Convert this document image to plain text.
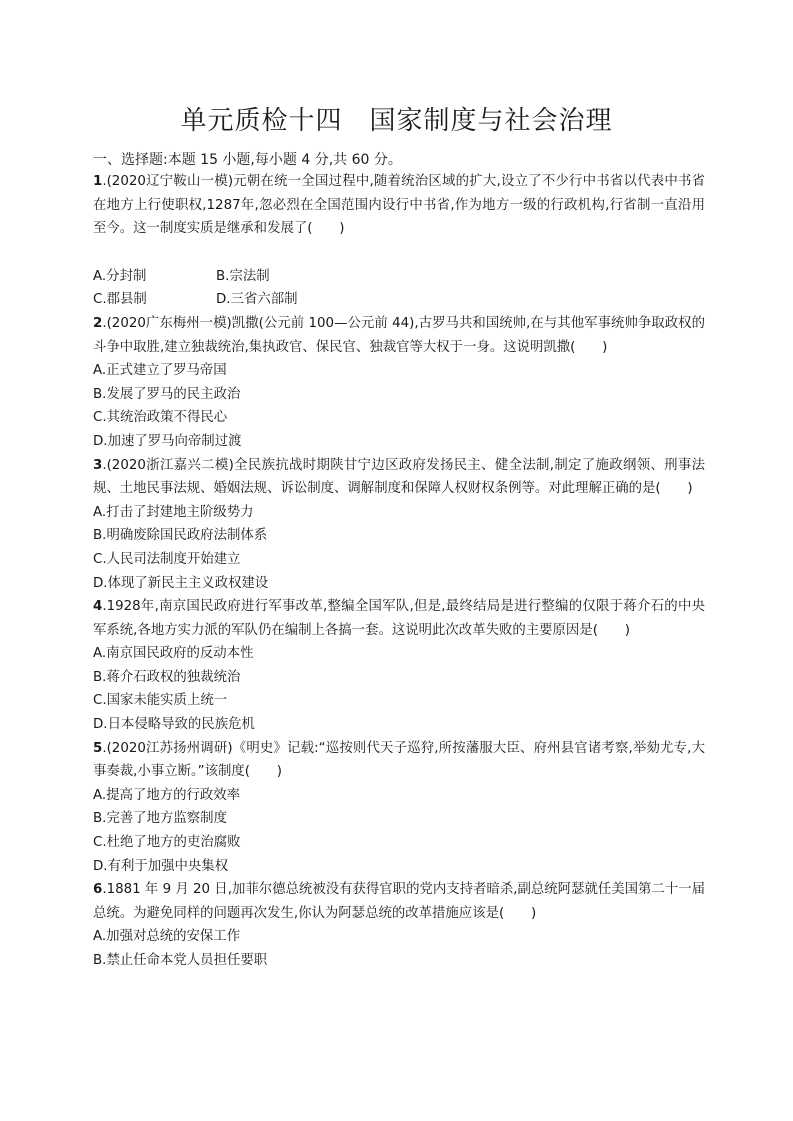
单元质检十四　国家制度与社会治理
一、选择题:本题 15 小题,每小题 4 分,共 60 分。
1.(2020辽宁鞍山一模)元朝在统一全国过程中,随着统治区域的扩大,设立了不少行中书省以代表中书省在地方上行使职权,1287年,忽必烈在全国范围内设行中书省,作为地方一级的行政机构,行省制一直沿用至今。这一制度实质是继承和发展了(　　)
A.分封制	B.宗法制
C.郡县制	D.三省六部制
2.(2020广东梅州一模)凯撒(公元前 100—公元前 44),古罗马共和国统帅,在与其他军事统帅争取政权的斗争中取胜,建立独裁统治,集执政官、保民官、独裁官等大权于一身。这说明凯撒(　　)
A.正式建立了罗马帝国
B.发展了罗马的民主政治
C.其统治政策不得民心
D.加速了罗马向帝制过渡
3.(2020浙江嘉兴二模)全民族抗战时期陕甘宁边区政府发扬民主、健全法制,制定了施政纲领、刑事法规、土地民事法规、婚姻法规、诉讼制度、调解制度和保障人权财权条例等。对此理解正确的是(　　)
A.打击了封建地主阶级势力
B.明确废除国民政府法制体系
C.人民司法制度开始建立
D.体现了新民主主义政权建设
4.1928年,南京国民政府进行军事改革,整编全国军队,但是,最终结局是进行整编的仅限于蒋介石的中央军系统,各地方实力派的军队仍在编制上各搞一套。这说明此次改革失败的主要原因是(　　)
A.南京国民政府的反动本性
B.蒋介石政权的独裁统治
C.国家未能实质上统一
D.日本侵略导致的民族危机
5.(2020江苏扬州调研)《明史》记载:“巡按则代天子巡狩,所按藩服大臣、府州县官诸考察,举劾尤专,大事奏裁,小事立断。”该制度(　　)
A.提高了地方的行政效率
B.完善了地方监察制度
C.杜绝了地方的吏治腐败
D.有利于加强中央集权
6.1881 年 9 月 20 日,加菲尔德总统被没有获得官职的党内支持者暗杀,副总统阿瑟就任美国第二十一届总统。为避免同样的问题再次发生,你认为阿瑟总统的改革措施应该是(　　)
A.加强对总统的安保工作
B.禁止任命本党人员担任要职
